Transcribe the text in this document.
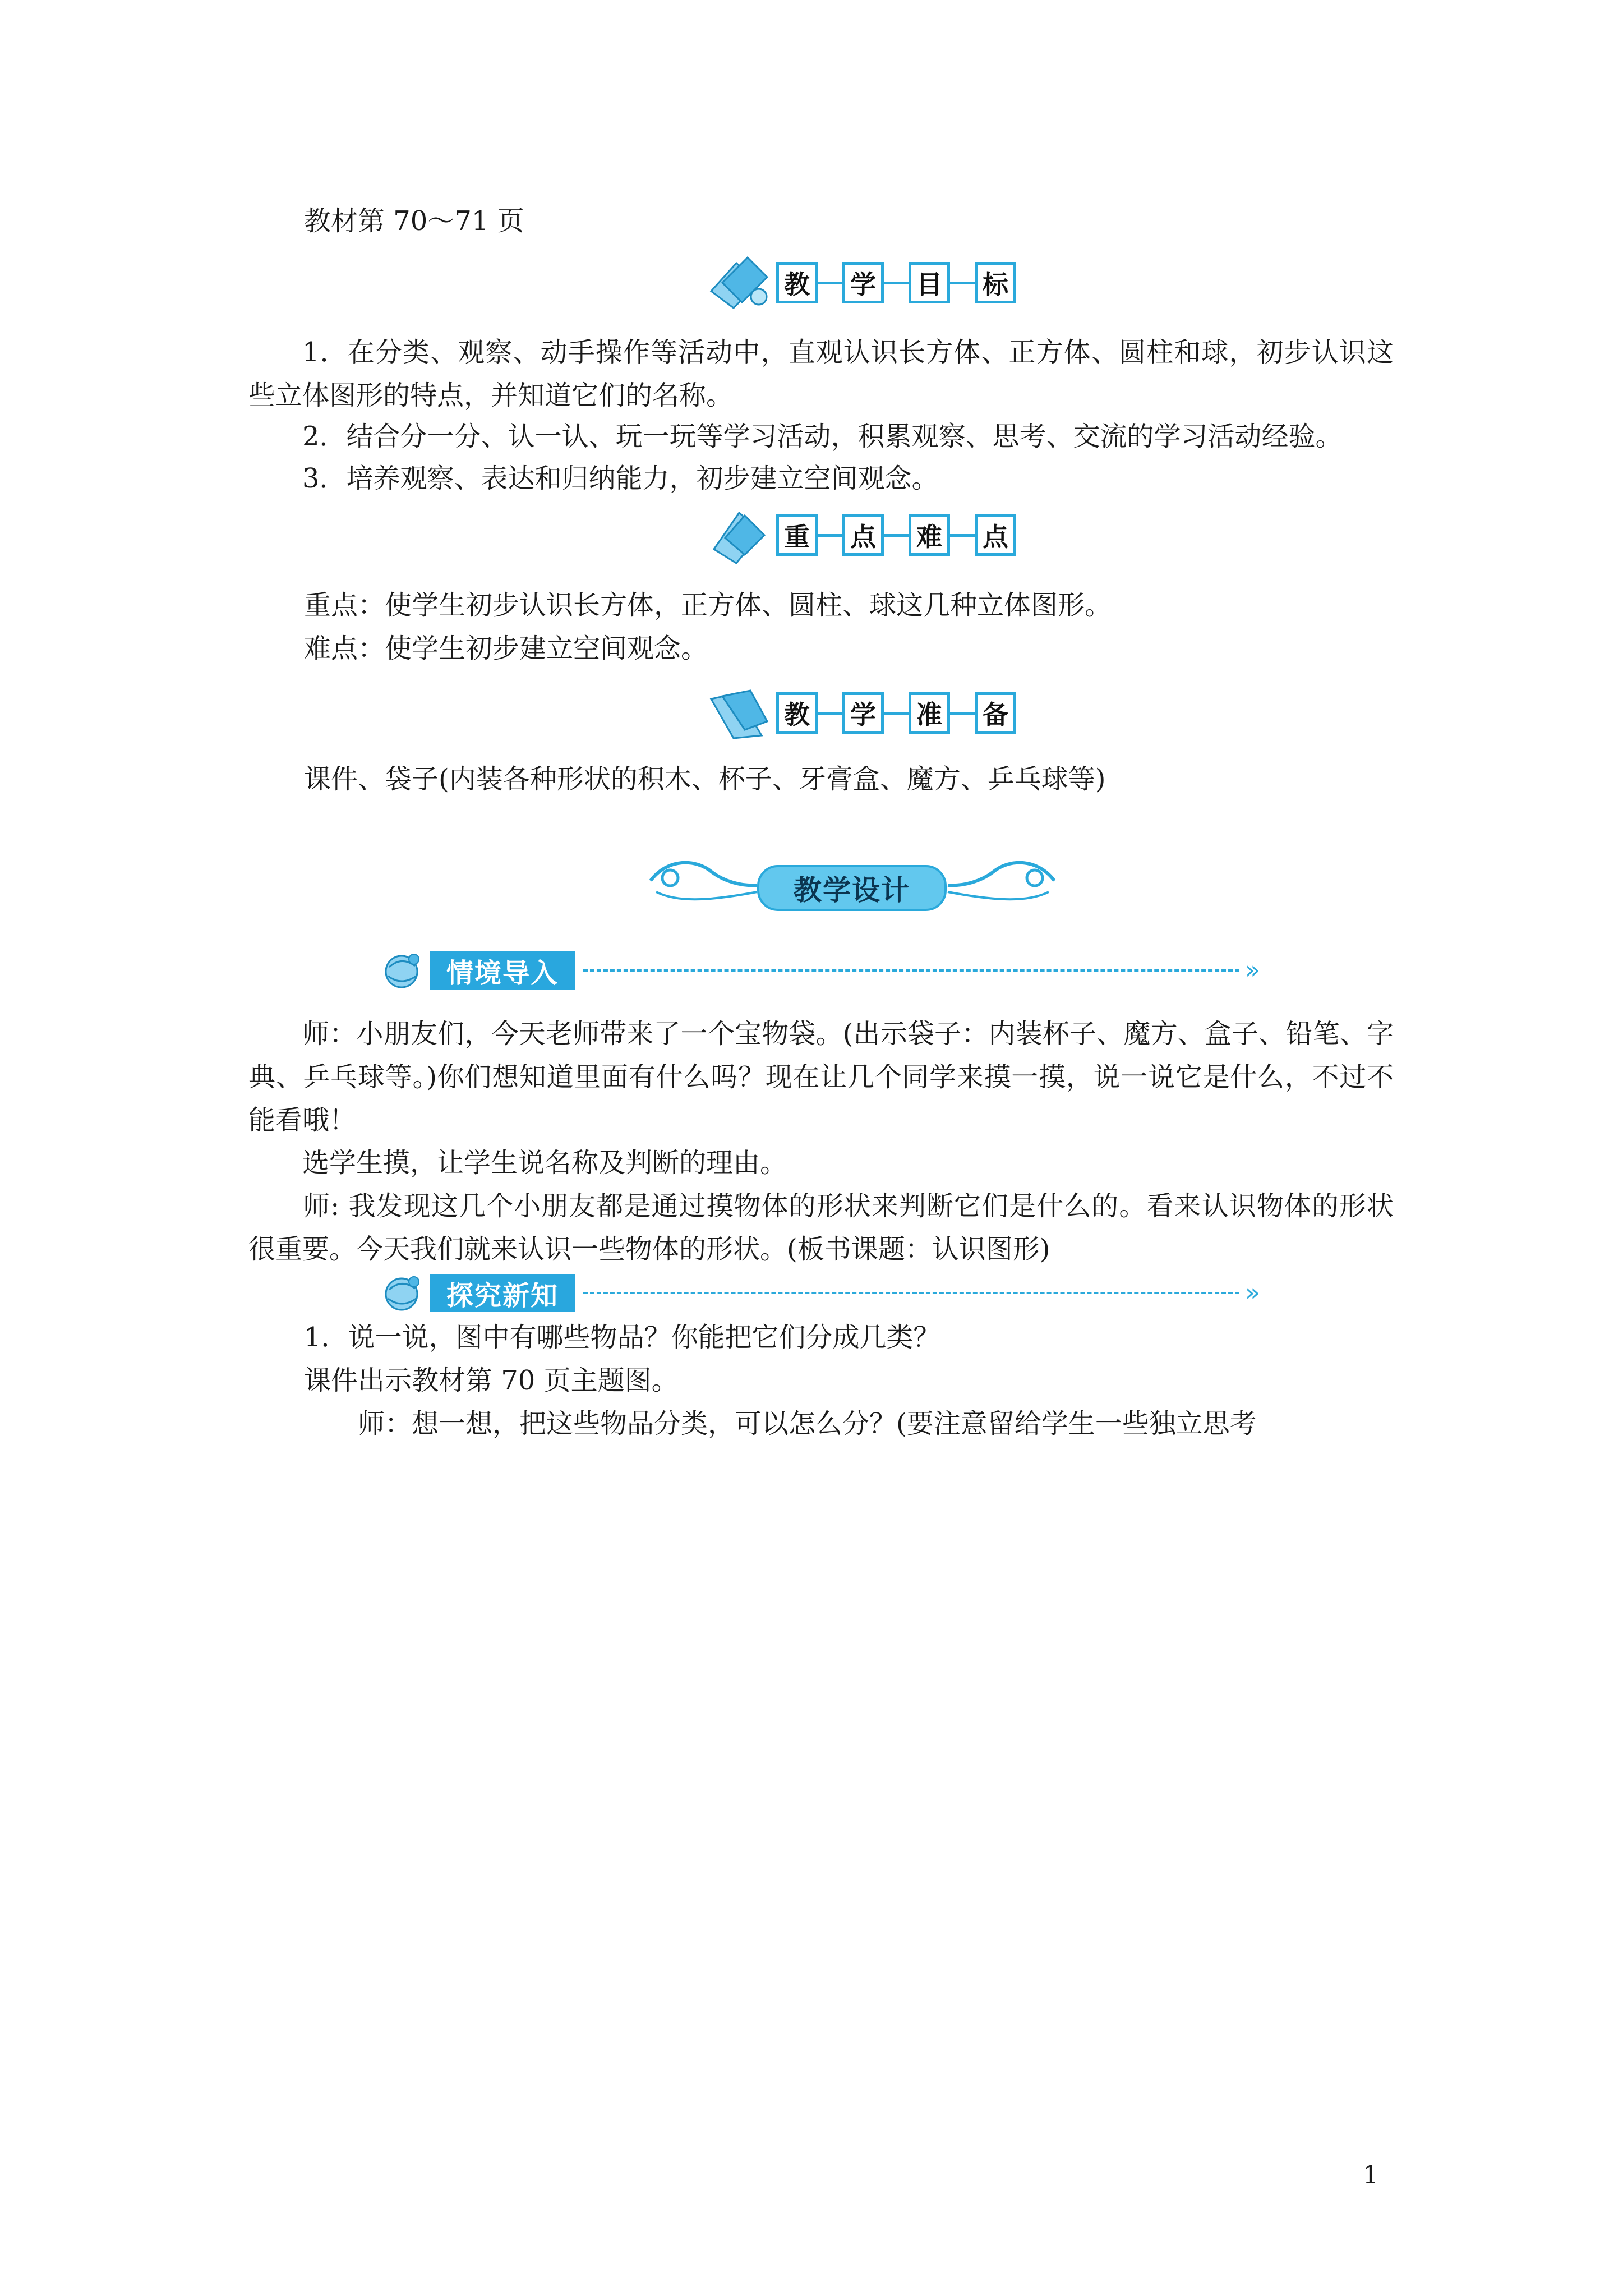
教材第 70～71 页
教	学	目	标
1．在分类、观察、动手操作等活动中，直观认识长方体、正方体、圆柱和球，初步认识这些立体图形的特点，并知道它们的名称。
2．结合分一分、认一认、玩一玩等学习活动，积累观察、思考、交流的学习活动经验。
3．培养观察、表达和归纳能力，初步建立空间观念。
重	点	难	点
重点：使学生初步认识长方体，正方体、圆柱、球这几种立体图形。
难点：使学生初步建立空间观念。
教	学	准	备
课件、袋子(内装各种形状的积木、杯子、牙膏盒、魔方、乒乓球等)
教学设计
情境导入	»
师：小朋友们，今天老师带来了一个宝物袋。(出示袋子：内装杯子、魔方、盒子、铅笔、字典、乒乓球等。)你们想知道里面有什么吗？现在让几个同学来摸一摸，说一说它是什么，不过不能看哦！
选学生摸，让学生说名称及判断的理由。
师: 我发现这几个小朋友都是通过摸物体的形状来判断它们是什么的。看来认识物体的形状很重要。今天我们就来认识一些物体的形状。(板书课题：认识图形)
探究新知	»
1．说一说，图中有哪些物品？你能把它们分成几类？
课件出示教材第 70 页主题图。
师：想一想，把这些物品分类，可以怎么分？(要注意留给学生一些独立思考
1
